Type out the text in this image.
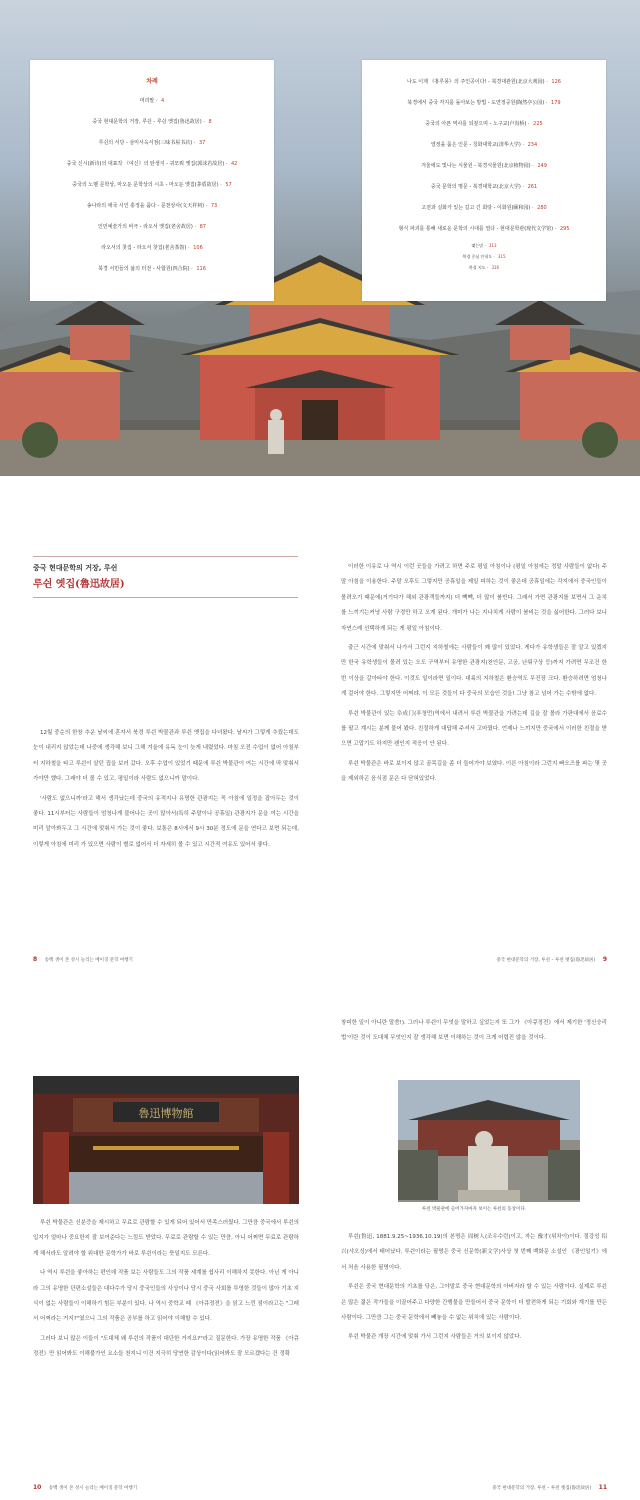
차례
머리말 · 4
중국 현대문학의 거장, 루쉰 - 루쉰 옛집(魯迅故居) · 8
루쉰의 서당 - 삼미서옥서점(三味书屋书店) · 37
중국 신시(新诗)의 대표작 《여신》의 탄생지 - 궈모뤄 옛집(郭沫若故居) · 42
중국의 노벨 문학상, 마오둔 문학상의 시초 - 마오둔 옛집(茅盾故居) · 57
송나라의 애국 시인 충정을 품다 - 문천상사(文天祥祠) · 73
인민예술가의 비극 - 라오서 옛집(老舍故居) · 87
라오서의 찻집 - 라오서 찻집(老舍茶馆) · 106
북경 서민들의 삶의 터전 - 사합원(四合院) · 116
나도 이제 《홍루몽》의 주인공이다! - 북경대관원(北京大观园) · 126
북경에서 중국 각지를 돌아보는 방법 - 도연정공원(陶然亭公园) · 179
중국의 아픈 역사를 되짚으며 - 노구교(卢沟桥) · 225
열정을 품은 인문 - 칭화대학교(清华大学) · 234
겨울에도 빛나는 식물원 - 북경식물원(北京植物园) · 249
중국 문학의 명문 - 북경대학교(北京大学) · 261
고전과 실화가 있는 길고 긴 회랑 - 이화원(颐和园) · 280
형식 파괴를 통해 새로운 문학의 시대를 열다 - 현대문학관(现代文学馆) · 295
맺는말 · 313
북경 중심 안내도 · 315
북경 지도 · 316
중국 현대문학의 거장, 루쉰
루쉰 옛집(魯迅故居)

12월 중순의 한창 추운 날씨에 혼자서 북경 루쉰 박물관과 루쉰 옛집을 다녀왔다. 날씨가 그렇게 추웠는데도 눈이 내리지 않았는데 나중에 생각해 보니 그해 겨울에 유독 눈이 늦게 내렸었다. 마침 오전 수업이 없어 아침부터 지하철을 타고 루쉰이 살던 집을 보러 갔다. 오후 수업이 있었기 때문에 루쉰 박물관이 여는 시간에 딱 맞춰서 가야만 했다. 그래야 더 볼 수 있고, 평일이라 사람도 없으니까 말이다.

'사람도 없으니까'라고 해서 생각났는데 중국의 유적지나 유명한 관광지는 꼭 아침에 일정을 잡아두는 것이 좋다. 11시부터는 사람들이 엄청나게 불어나는 곳이 많아서(특히 주말이나 공휴일) 관광지가 문을 여는 시간을 미리 알아봐두고 그 시간에 맞춰서 가는 것이 좋다. 보통은 8시에서 9시 30분 정도에 문을 연다고 보면 되는데, 이렇게 아침에 미리 가 있으면 사람이 별로 없어서 더 자세히 볼 수 있고 시간적 여유도 있어서 좋다.

이러한 이유로 나 역시 이런 곳들을 가려고 하면 주로 평일 아침이나 (평일 아침에는 정말 사람들이 없다) 주말 아침을 이용한다. 주말 오후도 그렇지만 공휴일을 제일 피하는 것이 좋은데 공휴일에는 각지에서 중국인들이 몰려오기 때문에(거기다가 해외 관광객들까지) 더 빽빽, 더 많이 붐빈다. 그래서 가면 관광지를 보면서 그 운치를 느끼기는커녕 사람 구경만 하고 오게 된다. 개미가 나는 지나치게 사람이 붐비는 것을 싫어한다. 그러다 보니 자연스레 선택하게 되는 게 평일 아침이다.

출근 시간에 맞춰서 나가서 그런지 지하철에는 사람들이 꽤 많이 있었다. 게다가 유학생들은 잘 알고 있겠지만 한국 유학생들이 몰려 있는 오도 구역부터 유명한 관광지(천안문, 고궁, 난뤄구상 등)까지 가려면 무조건 한 번 이상을 갈아타야 한다. 이것도 일이라면 일이다. 대륙의 지하철은 환승역도 무진장 크다. 환승하려면 엄청나게 걸어야 한다. 그렇지만 어쩌랴. 이 모든 것들이 다 중국의 모습인 것을! 그냥 참고 넘어 가는 수밖에 없다.

루쉰 박물관이 있는 阜成门(푸청먼)역에서 내려서 루쉰 박물관을 가려는데 길을 잘 몰라 가판대에서 음료수를 팔고 계시는 분께 물어 봤다. 친절하게 대답해 주셔서 고마웠다. 언제나 느끼지만 중국에서 이러한 친절을 받으면 고맙기도 하지만 왠인지 적응이 안 된다.

루쉰 박물관은 바로 보이지 않고 골목길을 좀 더 들어가야 보였다. 이른 아침이라 그런지 빠오즈를 파는 몇 곳을 제외하곤 음식점 문은 다 닫혀있었다.

8 송백 생이 본 성시 늘리는 베이징 문학 여행기	중국 현대문학의 거장, 루쉰 – 루쉰 옛집(魯迅故居) 9
魯迅博物館

루쉰 박물관은 신분증을 제시하고 무료로 관람할 수 있게 되어 있어서 만족스러웠다. 그만큼 중국에서 루쉰의 입지가 얼마나 중요한지 잘 보여준다는 느낌도 받았다. 무료로 관람할 수 있는 만큼, 아니 어쩌면 무료로 관람하게 해서라도 알려야 할 위대한 문학가가 바로 루쉰이라는 뜻일지도 모른다.

나 역시 루쉰을 좋아하는 편인데 작품 보는 사람들도 그의 작품 세계를 쉽사리 이해하지 못한다. 아닌 게 아니라 그의 유명한 단편소설들은 대다수가 당시 중국인들의 사상이나 당시 중국 사회를 투영한 것들이 많아 기초 지식이 없는 사람들이 이해하기 힘든 부분이 있다. 나 역시 중학교 때 《아큐정전》을 읽고 느낀 점이라고는 "그래서 어쩌라는 거지?"였으니 그의 작품은 공부를 하고 읽어야 이해할 수 있다.

그러다 보니 많은 이들이 "도대체 왜 루쉰의 작품이 대단한 거지요?"라고 질문한다. 가장 유명한 작품 《아큐정전》만 읽어봐도 이해불가인 요소들 천지니 이건 지극히 당연한 감상이다(읽어봐도 잘 모르겠다는 건 정확

창피한 일이 아니란 말씀!). 그러나 루쉰이 무엇을 말하고 싶었는지 또 그가 《아큐정전》에서 제기한 '정신승리법'이란 것이 도대체 무엇인지 잘 생각해 보면 이해하는 것이 크게 어렵진 않을 것이다.

루쉰 박물관에 들어가자마자 보이는 루쉰의 동상이다.

루쉰(鲁迅, 1881.9.25~1936.10.19)의 본명은 周树人(조우수런)이고, 자는 豫才(위차이)이다. 절강성 绍兴(샤오싱)에서 태어났다. 루쉰이라는 필명은 중국 신문학(新文学)사상 첫 번째 백화문 소설인 《광인일기》에서 처음 사용한 필명이다.

루쉰은 중국 현대문학의 기초를 닦은, 그야말로 중국 현대문학의 아버지라 할 수 있는 사람이다. 실제로 루쉰은 많은 젊은 작가들을 이끌어주고 다양한 간행물을 만들어서 중국 문학이 더 발전하게 되는 기회와 계기를 만든 사람이다. 그만큼 그는 중국 문학에서 빼놓을 수 없는 위치에 있는 사람이다.

루쉰 박물관 개장 시간에 맞춰 가서 그런지 사람들은 거의 보이지 않았다.

10 송백 생이 본 성시 늘리는 베이징 문학 여행기	중국 현대문학의 거장, 루쉰 – 루쉰 옛집(魯迅故居) 11
